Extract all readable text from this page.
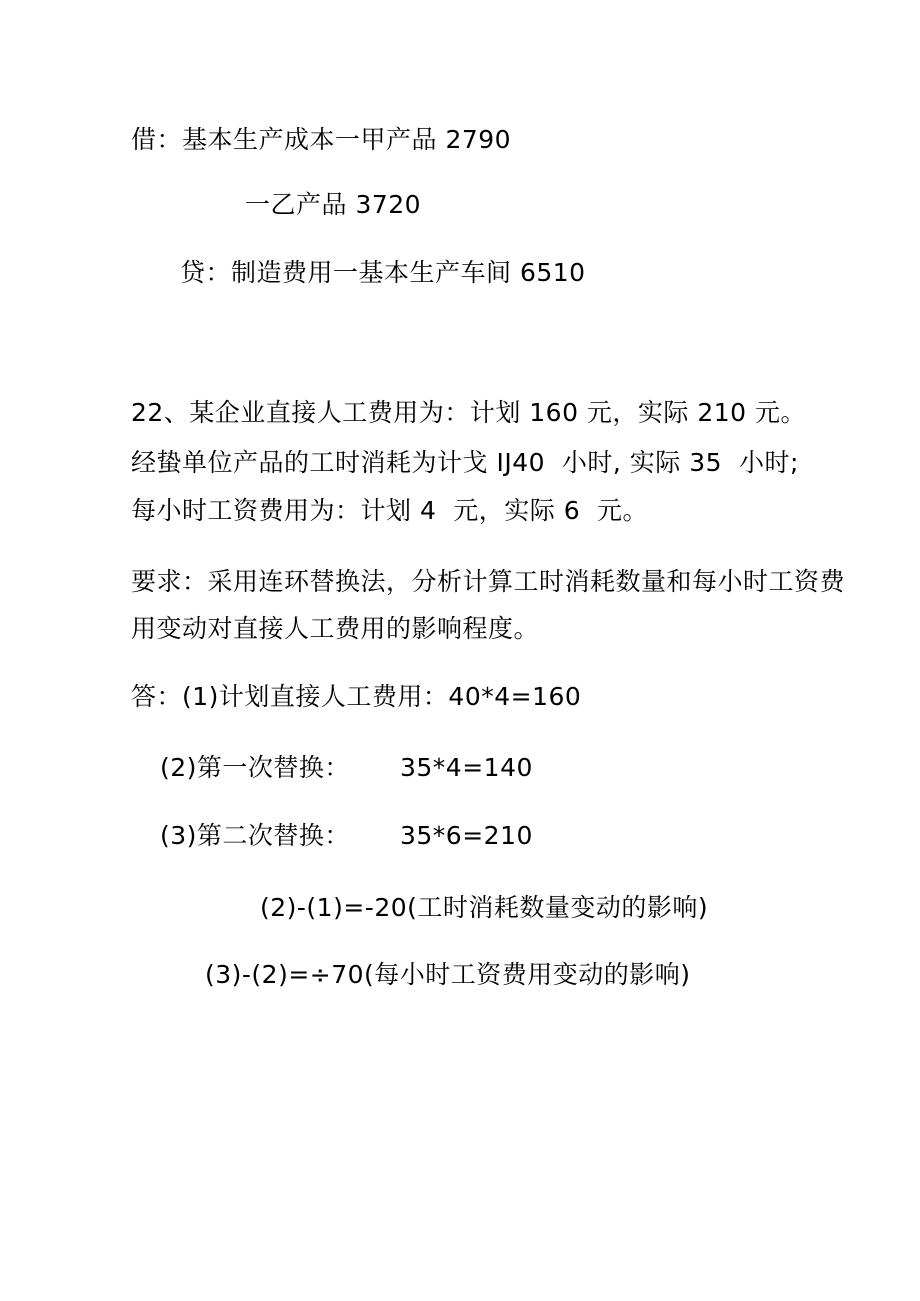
借：基本生产成本一甲产品 2790
一乙产品 3720
贷：制造费用一基本生产车间 6510
22、某企业直接人工费用为：计划 160 元，实际 210 元。
经蛰单位产品的工时消耗为计戈 IJ40  小时, 实际 35  小时;
每小时工资费用为：计划 4  元，实际 6  元。
要求：采用连环替换法，分析计算工时消耗数量和每小时工资费
用变动对直接人工费用的影响程度。
答：(1)计划直接人工费用：40*4=160
(2)第一次替换： 35*4=140
(3)第二次替换： 35*6=210
(2)-(1)=-20(工时消耗数量变动的影响)
(3)-(2)=÷70(每小时工资费用变动的影响)
